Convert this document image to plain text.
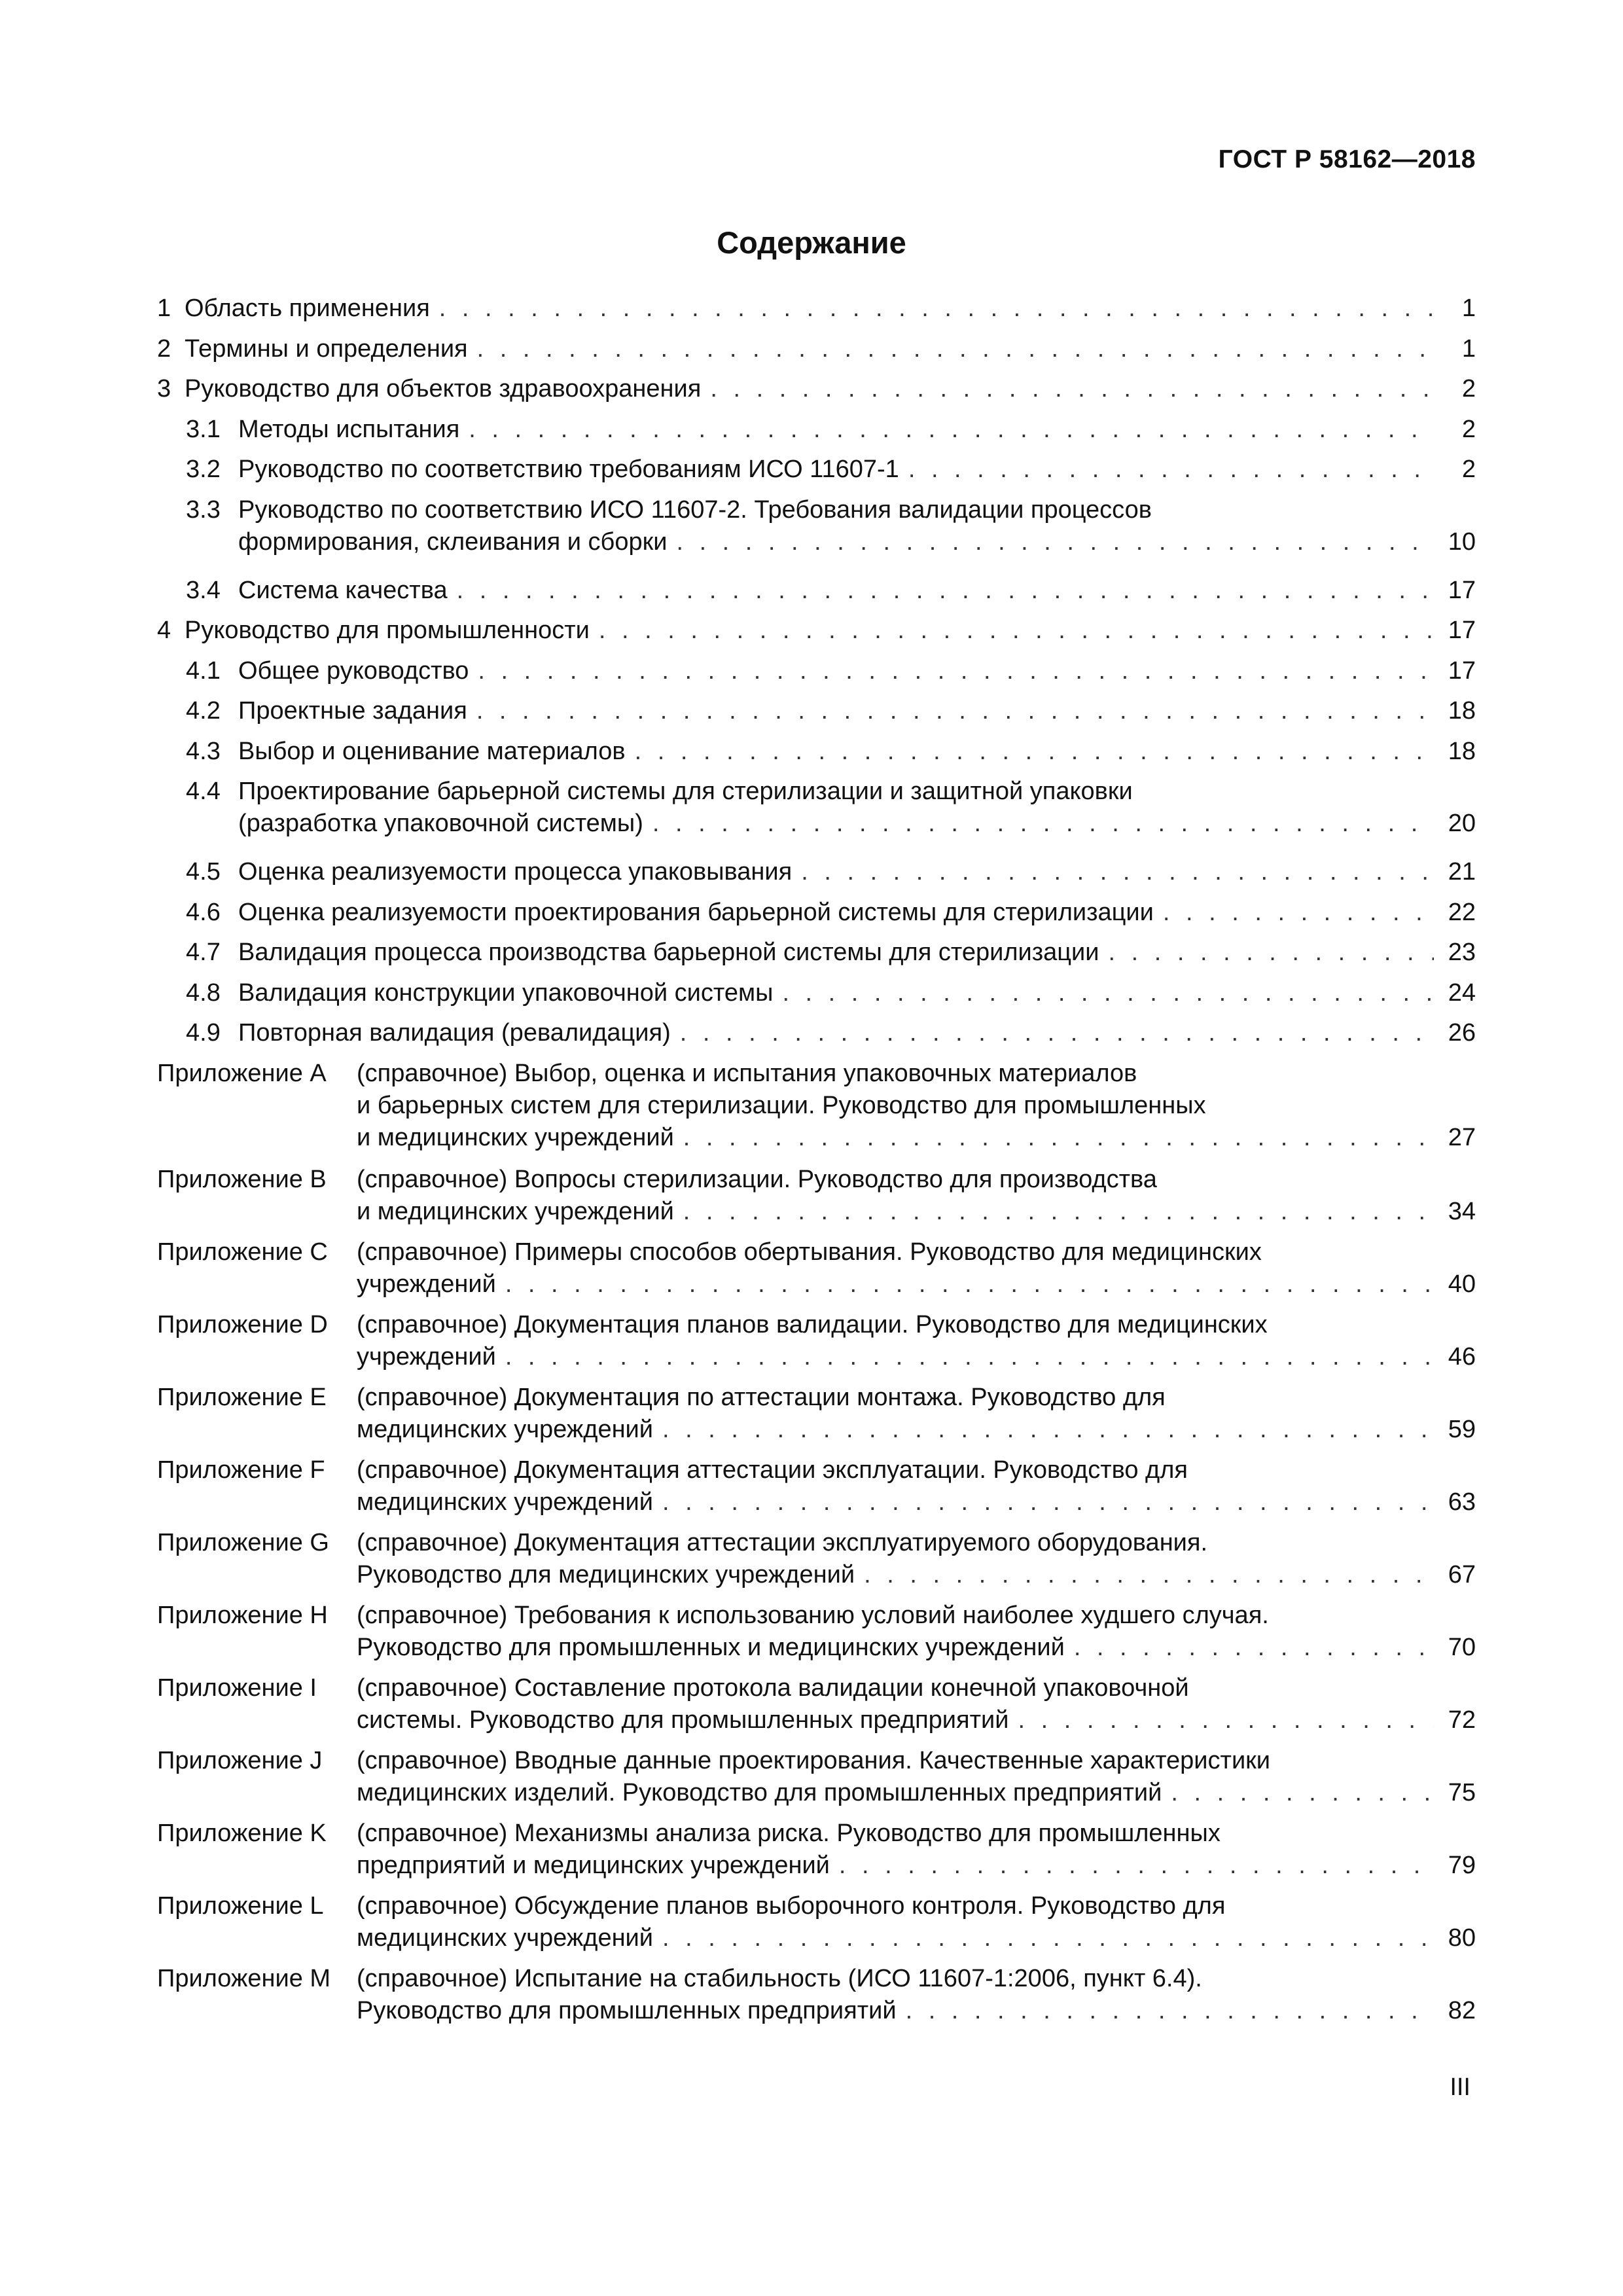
ГОСТ Р 58162—2018
Содержание
1 Область применения . . .	1
2 Термины и определения . . .	1
3 Руководство для объектов здравоохранения . . .	2
3.1 Методы испытания . . .	2
3.2 Руководство по соответствию требованиям ИСО 11607-1 . . .	2
3.3 Руководство по соответствию ИСО 11607-2. Требования валидации процессов
формирования, склеивания и сборки . . .	10
3.4 Система качества . . .	17
4 Руководство для промышленности . . .	17
4.1 Общее руководство . . .	17
4.2 Проектные задания . . .	18
4.3 Выбор и оценивание материалов . . .	18
4.4 Проектирование барьерной системы для стерилизации и защитной упаковки
(разработка упаковочной системы) . . .	20
4.5 Оценка реализуемости процесса упаковывания . . .	21
4.6 Оценка реализуемости проектирования барьерной системы для стерилизации . . .	22
4.7 Валидация процесса производства барьерной системы для стерилизации . . .	23
4.8 Валидация конструкции упаковочной системы . . .	24
4.9 Повторная валидация (ревалидация) . . .	26
Приложение A (справочное) Выбор, оценка и испытания упаковочных материалов
и барьерных систем для стерилизации. Руководство для промышленных
и медицинских учреждений . . .	27
Приложение B (справочное) Вопросы стерилизации. Руководство для производства
и медицинских учреждений . . .	34
Приложение C (справочное) Примеры способов обертывания. Руководство для медицинских
учреждений . . .	40
Приложение D (справочное) Документация планов валидации. Руководство для медицинских
учреждений . . .	46
Приложение E (справочное) Документация по аттестации монтажа. Руководство для
медицинских учреждений . . .	59
Приложение F (справочное) Документация аттестации эксплуатации. Руководство для
медицинских учреждений . . .	63
Приложение G (справочное) Документация аттестации эксплуатируемого оборудования.
Руководство для медицинских учреждений . . .	67
Приложение H (справочное) Требования к использованию условий наиболее худшего случая.
Руководство для промышленных и медицинских учреждений . . .	70
Приложение I (справочное) Составление протокола валидации конечной упаковочной
системы. Руководство для промышленных предприятий . . .	72
Приложение J (справочное) Вводные данные проектирования. Качественные характеристики
медицинских изделий. Руководство для промышленных предприятий . . .	75
Приложение K (справочное) Механизмы анализа риска. Руководство для промышленных
предприятий и медицинских учреждений . . .	79
Приложение L (справочное) Обсуждение планов выборочного контроля. Руководство для
медицинских учреждений . . .	80
Приложение M (справочное) Испытание на стабильность (ИСО 11607-1:2006, пункт 6.4).
Руководство для промышленных предприятий . . .	82
III
